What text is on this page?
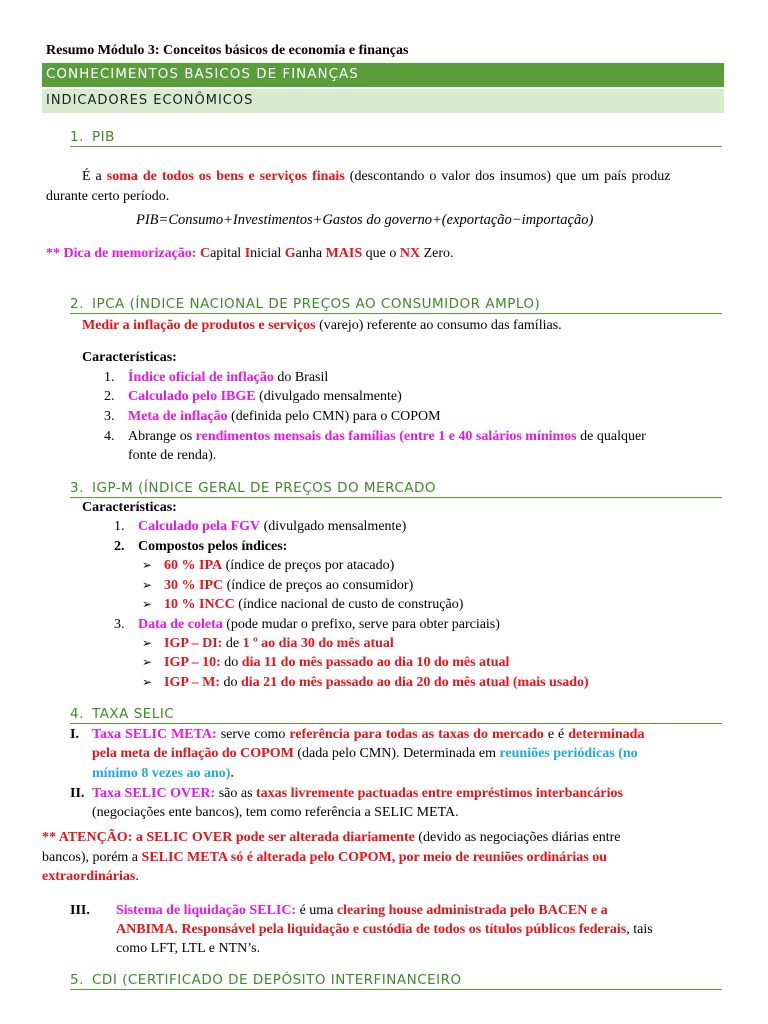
Resumo Módulo 3: Conceitos básicos de economia e finanças
CONHECIMENTOS BASICOS DE FINANÇAS
INDICADORES ECONÔMICOS
1. PIB
É a soma de todos os bens e serviços finais (descontando o valor dos insumos) que um país produz
durante certo período.
PIB=Consumo+Investimentos+Gastos do governo+(exportação−importação)
** Dica de memorização: Capital Inicial Ganha MAIS que o NX Zero.
2. IPCA (ÍNDICE NACIONAL DE PREÇOS AO CONSUMIDOR AMPLO)
Medir a inflação de produtos e serviços (varejo) referente ao consumo das famílias.
Características:
1. Índice oficial de inflação do Brasil
2. Calculado pelo IBGE (divulgado mensalmente)
3. Meta de inflação (definida pelo CMN) para o COPOM
4. Abrange os rendimentos mensais das famílias (entre 1 e 40 salários mínimos de qualquer
fonte de renda).
3. IGP-M (ÍNDICE GERAL DE PREÇOS DO MERCADO
Características:
1. Calculado pela FGV (divulgado mensalmente)
2. Compostos pelos índices:
➢ 60 % IPA (índice de preços por atacado)
➢ 30 % IPC (índice de preços ao consumidor)
➢ 10 % INCC (índice nacional de custo de construção)
3. Data de coleta (pode mudar o prefixo, serve para obter parciais)
➢ IGP – DI: de 1 º ao dia 30 do mês atual
➢ IGP – 10: do dia 11 do mês passado ao dia 10 do mês atual
➢ IGP – M: do dia 21 do mês passado ao dia 20 do mês atual (mais usado)
4. TAXA SELIC
I. Taxa SELIC META: serve como referência para todas as taxas do mercado e é determinada
pela meta de inflação do COPOM (dada pelo CMN). Determinada em reuniões periódicas (no
mínimo 8 vezes ao ano).
II. Taxa SELIC OVER: são as taxas livremente pactuadas entre empréstimos interbancários
(negociações ente bancos), tem como referência a SELIC META.
** ATENÇÃO: a SELIC OVER pode ser alterada diariamente (devido as negociações diárias entre
bancos), porém a SELIC META só é alterada pelo COPOM, por meio de reuniões ordinárias ou
extraordinárias.
III. Sistema de liquidação SELIC: é uma clearing house administrada pelo BACEN e a
ANBIMA. Responsável pela liquidação e custódia de todos os títulos públicos federais, tais
como LFT, LTL e NTN’s.
5. CDI (CERTIFICADO DE DEPÓSITO INTERFINANCEIRO
